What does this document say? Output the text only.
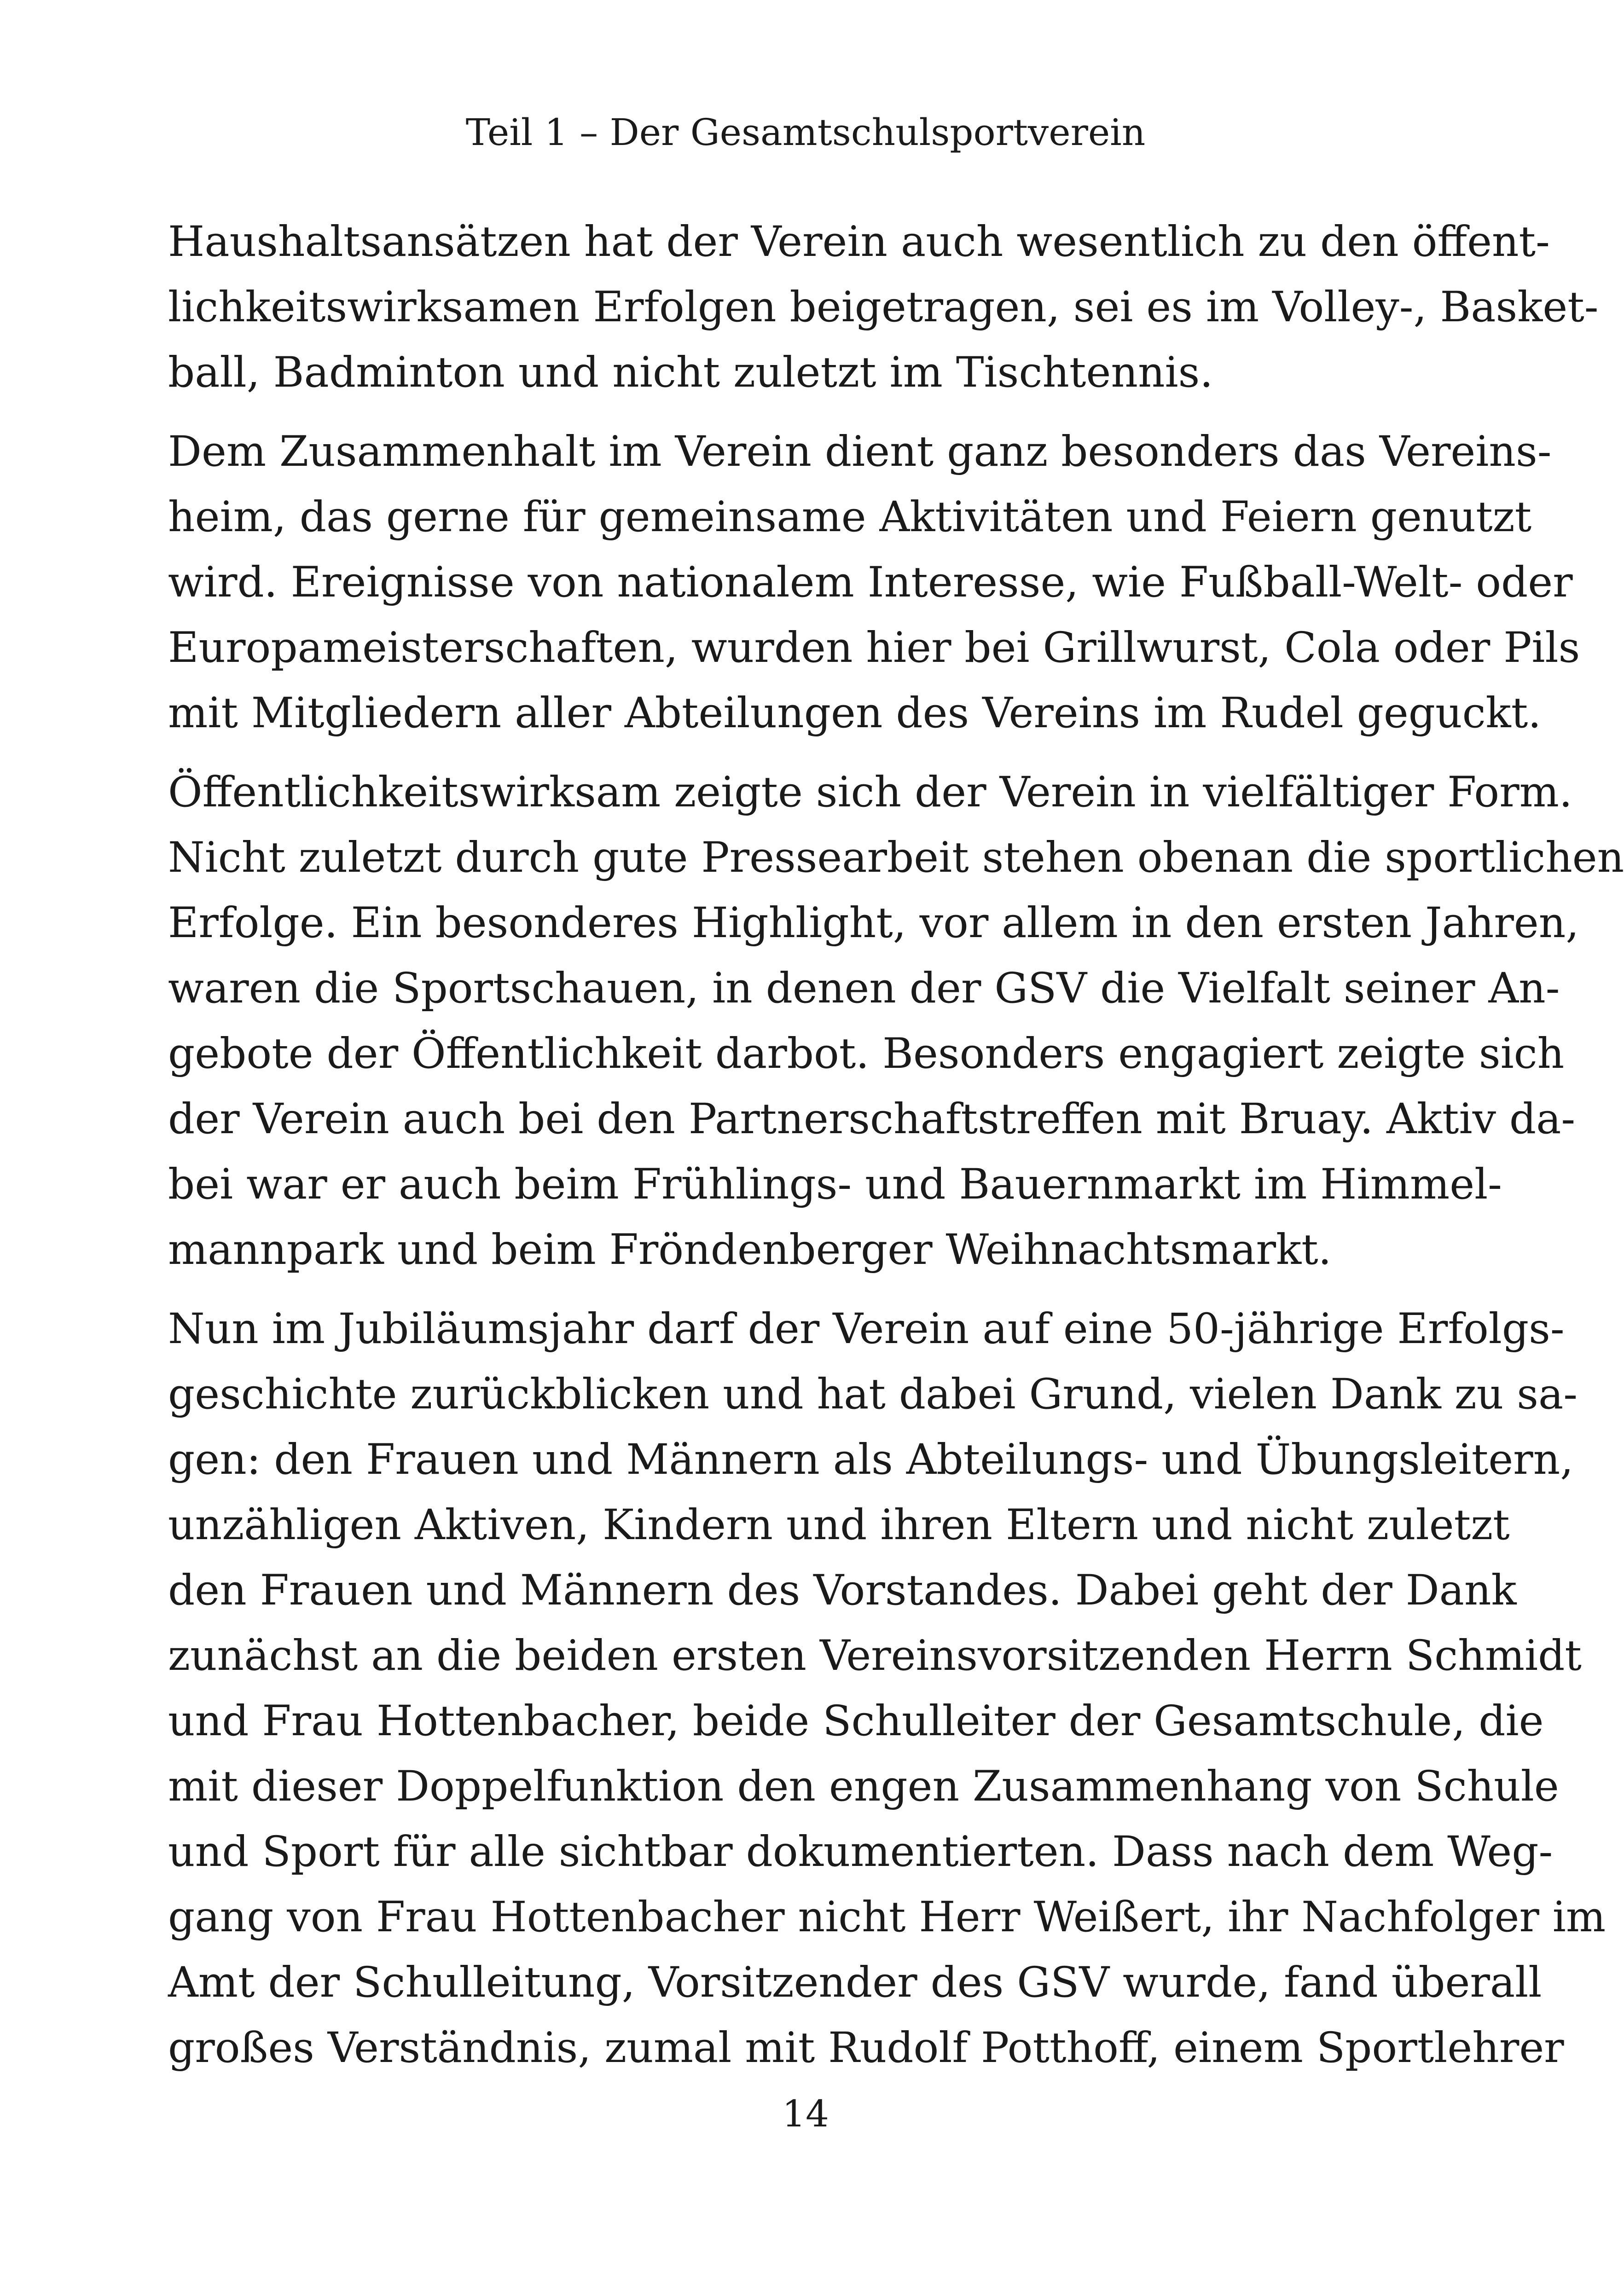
Teil 1 – Der Gesamtschulsportverein

Haushaltsansätzen hat der Verein auch wesentlich zu den öffent-
lichkeitswirksamen Erfolgen beigetragen, sei es im Volley-, Basket-
ball, Badminton und nicht zuletzt im Tischtennis.

Dem Zusammenhalt im Verein dient ganz besonders das Vereins-
heim, das gerne für gemeinsame Aktivitäten und Feiern genutzt
wird. Ereignisse von nationalem Interesse, wie Fußball-Welt- oder
Europameisterschaften, wurden hier bei Grillwurst, Cola oder Pils
mit Mitgliedern aller Abteilungen des Vereins im Rudel geguckt.

Öffentlichkeitswirksam zeigte sich der Verein in vielfältiger Form.
Nicht zuletzt durch gute Pressearbeit stehen obenan die sportlichen
Erfolge. Ein besonderes Highlight, vor allem in den ersten Jahren,
waren die Sportschauen, in denen der GSV die Vielfalt seiner An-
gebote der Öffentlichkeit darbot. Besonders engagiert zeigte sich
der Verein auch bei den Partnerschaftstreffen mit Bruay. Aktiv da-
bei war er auch beim Frühlings- und Bauernmarkt im Himmel-
mannpark und beim Fröndenberger Weihnachtsmarkt.

Nun im Jubiläumsjahr darf der Verein auf eine 50-jährige Erfolgs-
geschichte zurückblicken und hat dabei Grund, vielen Dank zu sa-
gen: den Frauen und Männern als Abteilungs- und Übungsleitern,
unzähligen Aktiven, Kindern und ihren Eltern und nicht zuletzt
den Frauen und Männern des Vorstandes. Dabei geht der Dank
zunächst an die beiden ersten Vereinsvorsitzenden Herrn Schmidt
und Frau Hottenbacher, beide Schulleiter der Gesamtschule, die
mit dieser Doppelfunktion den engen Zusammenhang von Schule
und Sport für alle sichtbar dokumentierten. Dass nach dem Weg-
gang von Frau Hottenbacher nicht Herr Weißert, ihr Nachfolger im
Amt der Schulleitung, Vorsitzender des GSV wurde, fand überall
großes Verständnis, zumal mit Rudolf Potthoff, einem Sportlehrer

14
